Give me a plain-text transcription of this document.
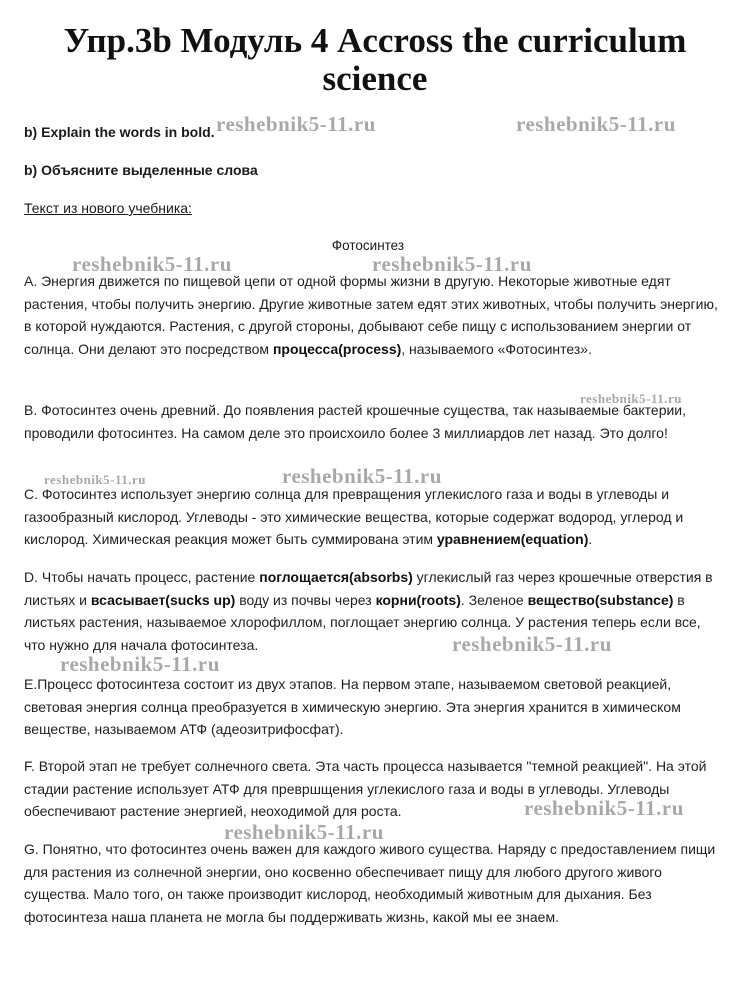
Упр.3b Модуль 4 Accross the curriculum science
b) Explain the words in bold.
b) Объясните выделенные слова
Текст из нового учебника:
Фотосинтез
A. Энергия движется по пищевой цепи от одной формы жизни в другую. Некоторые животные едят растения, чтобы получить энергию. Другие животные затем едят этих животных, чтобы получить энергию, в которой нуждаются. Растения, с другой стороны, добывают себе пищу с использованием энергии от солнца. Они делают это посредством процесса(process), называемого «Фотосинтез».
B. Фотосинтез очень древний. До появления растей крошечные существа, так называемые бактерии, проводили фотосинтез. На самом деле это происхоило более 3 миллиардов лет назад. Это долго!
C. Фотосинтез использует энергию солнца для превращения углекислого газа и воды в углеводы и газообразный кислород. Углеводы - это химические вещества, которые содержат водород, углерод и кислород. Химическая реакция может быть суммирована этим уравнением(equation).
D. Чтобы начать процесс, растение поглощается(absorbs) углекислый газ через крошечные отверстия в листьях и всасывает(sucks up) воду из почвы через корни(roots). Зеленое вещество(substance) в листьях растения, называемое хлорофиллом, поглощает энергию солнца. У растения теперь если все, что нужно для начала фотосинтеза.
E.Процесс фотосинтеза состоит из двух этапов. На первом этапе, называемом световой реакцией, световая энергия солнца преобразуется в химическую энергию. Эта энергия хранится в химическом веществе, называемом АТФ (адеозитрифосфат).
F. Второй этап не требует солнечного света. Эта часть процесса называется "темной реакцией". На этой стадии растение использует АТФ для превршщения углекислого газа и воды в углеводы. Углеводы обеспечивают растение энергией, неоходимой для роста.
G. Понятно, что фотосинтез очень важен для каждого живого существа. Наряду с предоставлением пищи для растения из солнечной энергии, оно косвенно обеспечивает пищу для любого другого живого существа. Мало того, он также производит кислород, необходимый животным для дыхания. Без фотосинтеза наша планета не могла бы поддерживать жизнь, какой мы ее знаем.
reshebnik5-11.ru	reshebnik5-11.ru
reshebnik5-11.ru	reshebnik5-11.ru
reshebnik5-11.ru
reshebnik5-11.ru	reshebnik5-11.ru
reshebnik5-11.ru
reshebnik5-11.ru
reshebnik5-11.ru
reshebnik5-11.ru
